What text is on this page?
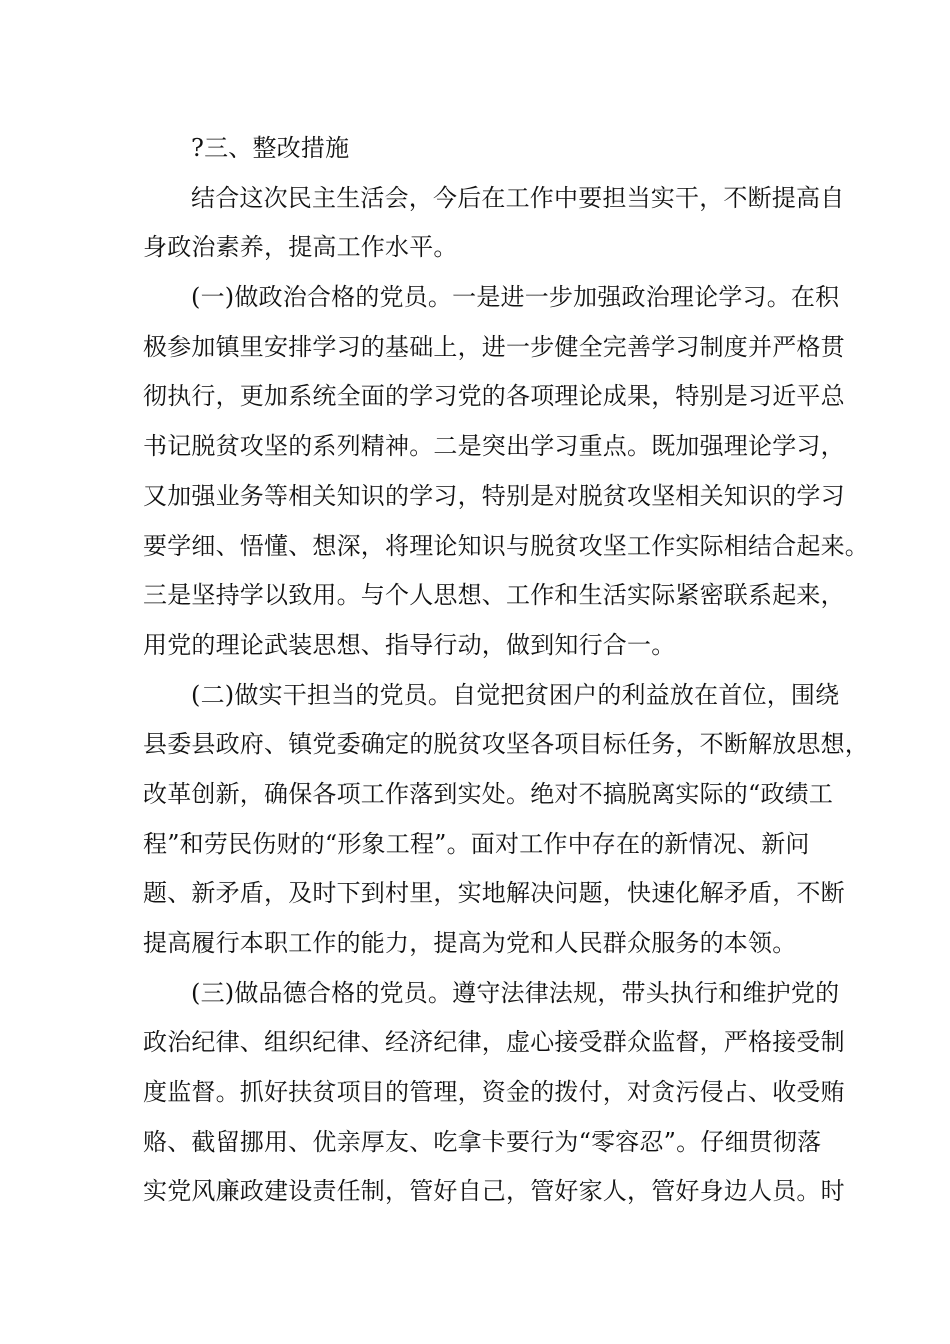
?三、整改措施
结合这次民主生活会，今后在工作中要担当实干，不断提高自
身政治素养，提高工作水平。
(一)做政治合格的党员。一是进一步加强政治理论学习。在积
极参加镇里安排学习的基础上，进一步健全完善学习制度并严格贯
彻执行，更加系统全面的学习党的各项理论成果，特别是习近平总
书记脱贫攻坚的系列精神。二是突出学习重点。既加强理论学习，
又加强业务等相关知识的学习，特别是对脱贫攻坚相关知识的学习
要学细、悟懂、想深，将理论知识与脱贫攻坚工作实际相结合起来。
三是坚持学以致用。与个人思想、工作和生活实际紧密联系起来，
用党的理论武装思想、指导行动，做到知行合一。
(二)做实干担当的党员。自觉把贫困户的利益放在首位，围绕
县委县政府、镇党委确定的脱贫攻坚各项目标任务，不断解放思想，
改革创新，确保各项工作落到实处。绝对不搞脱离实际的“政绩工
程”和劳民伤财的“形象工程”。面对工作中存在的新情况、新问
题、新矛盾，及时下到村里，实地解决问题，快速化解矛盾，不断
提高履行本职工作的能力，提高为党和人民群众服务的本领。
(三)做品德合格的党员。遵守法律法规，带头执行和维护党的
政治纪律、组织纪律、经济纪律，虚心接受群众监督，严格接受制
度监督。抓好扶贫项目的管理，资金的拨付，对贪污侵占、收受贿
赂、截留挪用、优亲厚友、吃拿卡要行为“零容忍”。仔细贯彻落
实党风廉政建设责任制，管好自己，管好家人，管好身边人员。时
